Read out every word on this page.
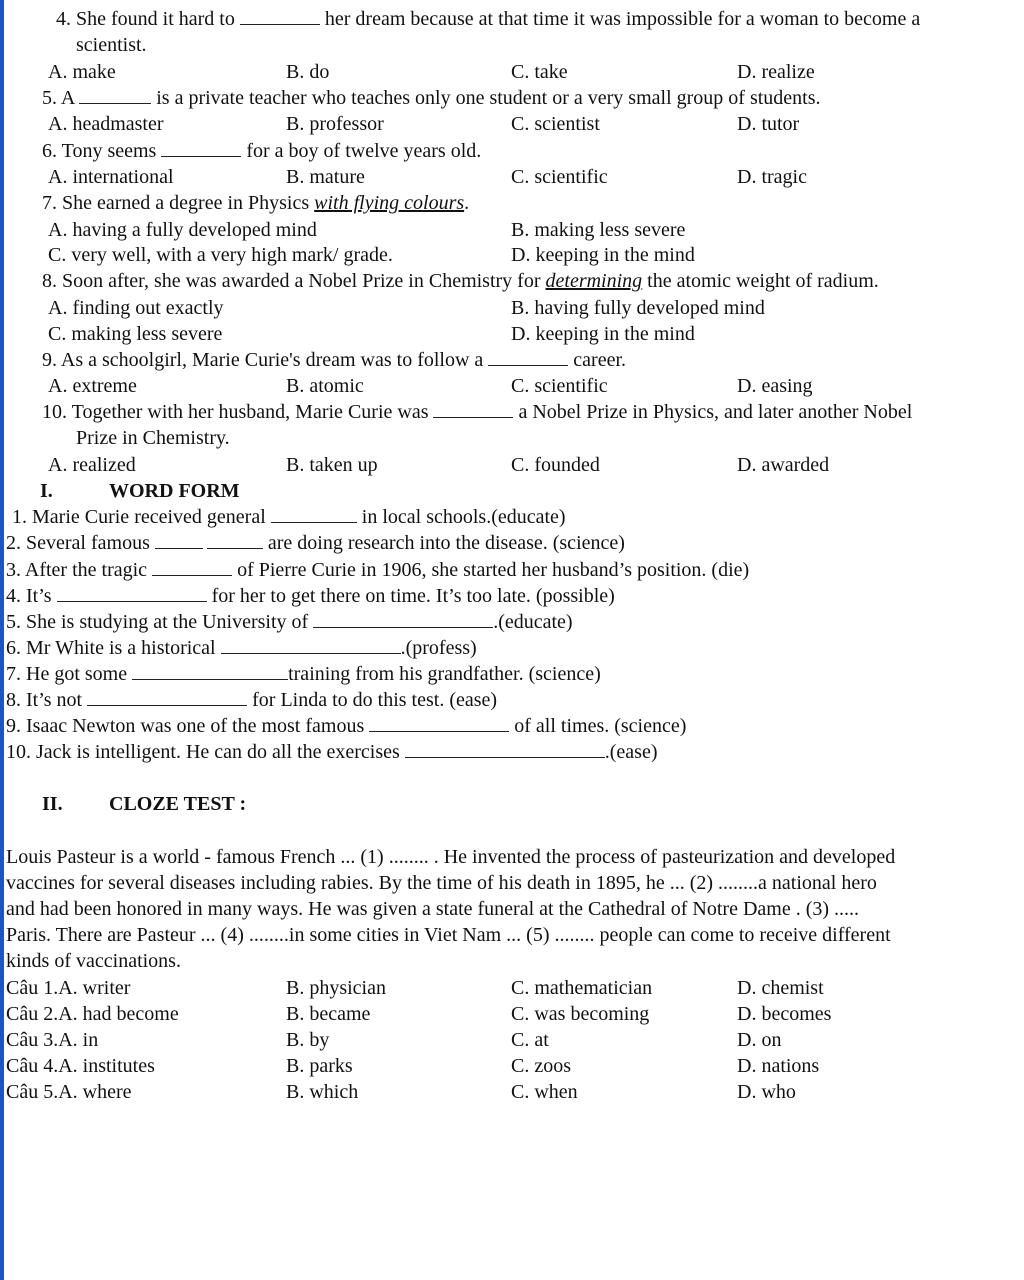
4. She found it hard to	her dream because at that time it was impossible for a woman to become a
scientist.
A. make	B. do	C. take	D. realize
5. A	is a private teacher who teaches only one student or a very small group of students.
A. headmaster	B. professor	C. scientist	D. tutor
6. Tony seems	for a boy of twelve years old.
A. international	B. mature	C. scientific	D. tragic
7. She earned a degree in Physics with flying colours.
A. having a fully developed mind	B. making less severe
C. very well, with a very high mark/ grade.	D. keeping in the mind
8. Soon after, she was awarded a Nobel Prize in Chemistry for determining the atomic weight of radium.
A. finding out exactly	B. having fully developed mind
C. making less severe	D. keeping in the mind
9. As a schoolgirl, Marie Curie's dream was to follow a	career.
A. extreme	B. atomic	C. scientific	D. easing
10. Together with her husband, Marie Curie was	a Nobel Prize in Physics, and later another Nobel
Prize in Chemistry.
A. realized	B. taken up	C. founded	D. awarded
I.	WORD FORM
1. Marie Curie received general	in local schools.(educate)
2. Several famous	are doing research into the disease. (science)
3. After the tragic	of Pierre Curie in 1906, she started her husband’s position. (die)
4. It’s	for her to get there on time. It’s too late. (possible)
5. She is studying at the University of	.(educate)
6. Mr White is a historical	.(profess)
7. He got some	training from his grandfather. (science)
8. It’s not	for Linda to do this test. (ease)
9. Isaac Newton was one of the most famous	of all times. (science)
10. Jack is intelligent. He can do all the exercises	.(ease)
II. CLOZE TEST :
Louis Pasteur is a world - famous French ... (1) ........ . He invented the process of pasteurization and developed
vaccines for several diseases including rabies. By the time of his death in 1895, he ... (2) ........a national hero
and had been honored in many ways. He was given a state funeral at the Cathedral of Notre Dame . (3) .....
Paris. There are Pasteur ... (4) ........in some cities in Viet Nam ... (5) ........ people can come to receive different
kinds of vaccinations.
Câu 1.A. writer	B. physician	C. mathematician	D. chemist
Câu 2.A. had become	B. became	C. was becoming	D. becomes
Câu 3.A. in	B. by	C. at	D. on
Câu 4.A. institutes	B. parks	C. zoos	D. nations
Câu 5.A. where	B. which	C. when	D. who
